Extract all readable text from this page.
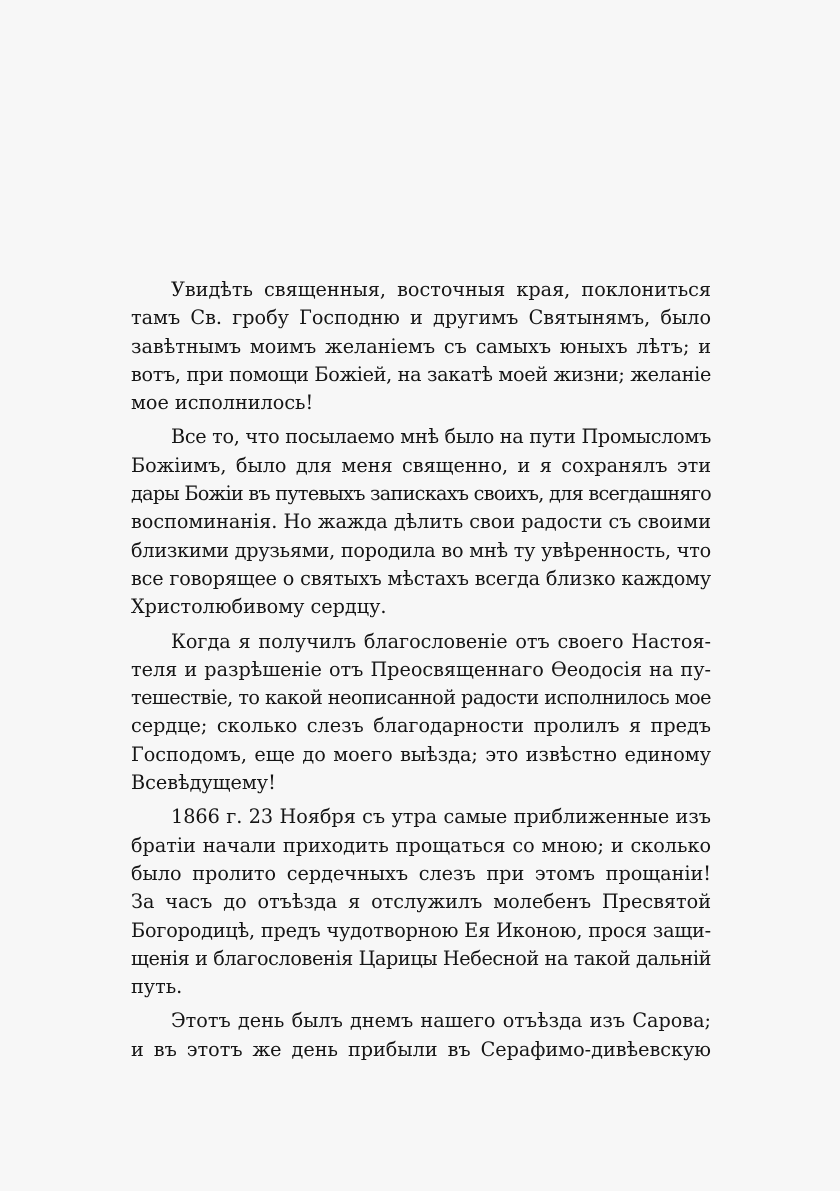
Увидѣть священныя, восточныя края, поклониться
тамъ Св. гробу Господню и другимъ Святынямъ, было
завѣтнымъ моимъ желаніемъ съ самыхъ юныхъ лѣтъ; и
вотъ, при помощи Божіей, на закатѣ моей жизни; желаніе
мое исполнилось!
Все то, что посылаемо мнѣ было на пути Промысломъ
Божіимъ, было для меня священно, и я сохранялъ эти
дары Божіи въ путевыхъ запискахъ своихъ, для всегдашняго
воспоминанія. Но жажда дѣлить свои радости съ своими
близкими друзьями, породила во мнѣ ту увѣренность, что
все говорящее о святыхъ мѣстахъ всегда близко каждому
Христолюбивому сердцу.
Когда я получилъ благословеніе отъ своего Настоя-
теля и разрѣшеніе отъ Преосвященнаго Ѳеодосія на пу-
тешествіе, то какой неописанной радости исполнилось мое
сердце; сколько слезъ благодарности пролилъ я предъ
Господомъ, еще до моего выѣзда; это извѣстно единому
Всевѣдущему!
1866 г. 23 Ноября съ утра самые приближенные изъ
братіи начали приходить прощаться со мною; и сколько
было пролито сердечныхъ слезъ при этомъ прощаніи!
За часъ до отъѣзда я отслужилъ молебенъ Пресвятой
Богородицѣ, предъ чудотворною Ея Иконою, прося защи-
щенія и благословенія Царицы Небесной на такой дальній
путь.
Этотъ день былъ днемъ нашего отъѣзда изъ Сарова;
и въ этотъ же день прибыли въ Серафимо-дивѣевскую
